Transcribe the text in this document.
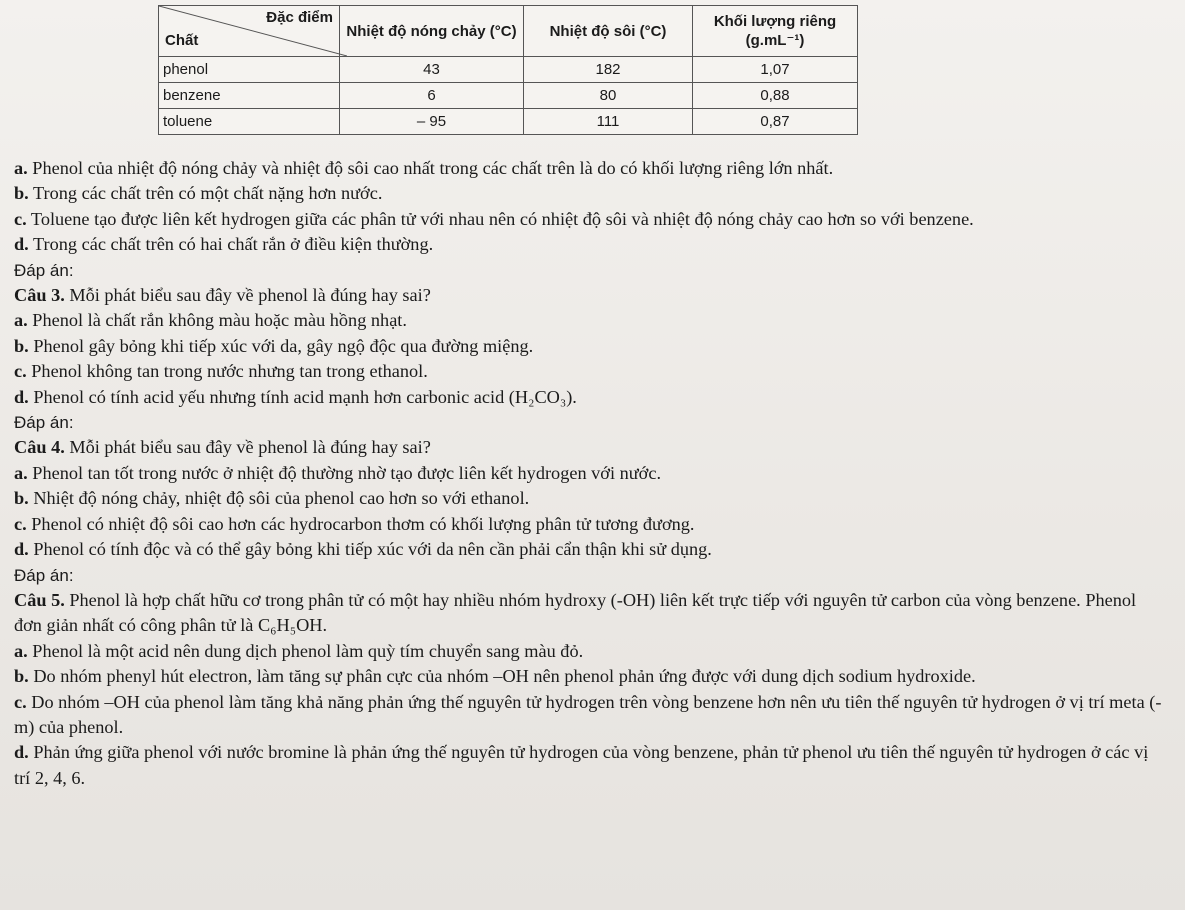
Đặc điểm
Chất	Nhiệt độ nóng chảy (°C)	Nhiệt độ sôi (°C)	Khối lượng riêng (g.mL⁻¹)
phenol	43	182	1,07
benzene	6	80	0,88
toluene	– 95	111	0,87

a. Phenol của nhiệt độ nóng chảy và nhiệt độ sôi cao nhất trong các chất trên là do có khối lượng riêng lớn nhất.

b. Trong các chất trên có một chất nặng hơn nước.

c. Toluene tạo được liên kết hydrogen giữa các phân tử với nhau nên có nhiệt độ sôi và nhiệt độ nóng chảy cao hơn so với benzene.

d. Trong các chất trên có hai chất rắn ở điều kiện thường.

Đáp án:

Câu 3. Mỗi phát biểu sau đây về phenol là đúng hay sai?

a. Phenol là chất rắn không màu hoặc màu hồng nhạt.

b. Phenol gây bỏng khi tiếp xúc với da, gây ngộ độc qua đường miệng.

c. Phenol không tan trong nước nhưng tan trong ethanol.

d. Phenol có tính acid yếu nhưng tính acid mạnh hơn carbonic acid (H₂CO₃).

Đáp án:

Câu 4. Mỗi phát biểu sau đây về phenol là đúng hay sai?

a. Phenol tan tốt trong nước ở nhiệt độ thường nhờ tạo được liên kết hydrogen với nước.

b. Nhiệt độ nóng chảy, nhiệt độ sôi của phenol cao hơn so với ethanol.

c. Phenol có nhiệt độ sôi cao hơn các hydrocarbon thơm có khối lượng phân tử tương đương.

d. Phenol có tính độc và có thể gây bỏng khi tiếp xúc với da nên cần phải cẩn thận khi sử dụng.

Đáp án:

Câu 5. Phenol là hợp chất hữu cơ trong phân tử có một hay nhiều nhóm hydroxy (-OH) liên kết trực tiếp với nguyên tử carbon của vòng benzene. Phenol đơn giản nhất có công phân tử là C₆H₅OH.

a. Phenol là một acid nên dung dịch phenol làm quỳ tím chuyển sang màu đỏ.

b. Do nhóm phenyl hút electron, làm tăng sự phân cực của nhóm –OH nên phenol phản ứng được với dung dịch sodium hydroxide.

c. Do nhóm –OH của phenol làm tăng khả năng phản ứng thế nguyên tử hydrogen trên vòng benzene hơn nên ưu tiên thế nguyên tử hydrogen ở vị trí meta (-m) của phenol.

d. Phản ứng giữa phenol với nước bromine là phản ứng thế nguyên tử hydrogen của vòng benzene, phản tử phenol ưu tiên thế nguyên tử hydrogen ở các vị trí 2, 4, 6.
